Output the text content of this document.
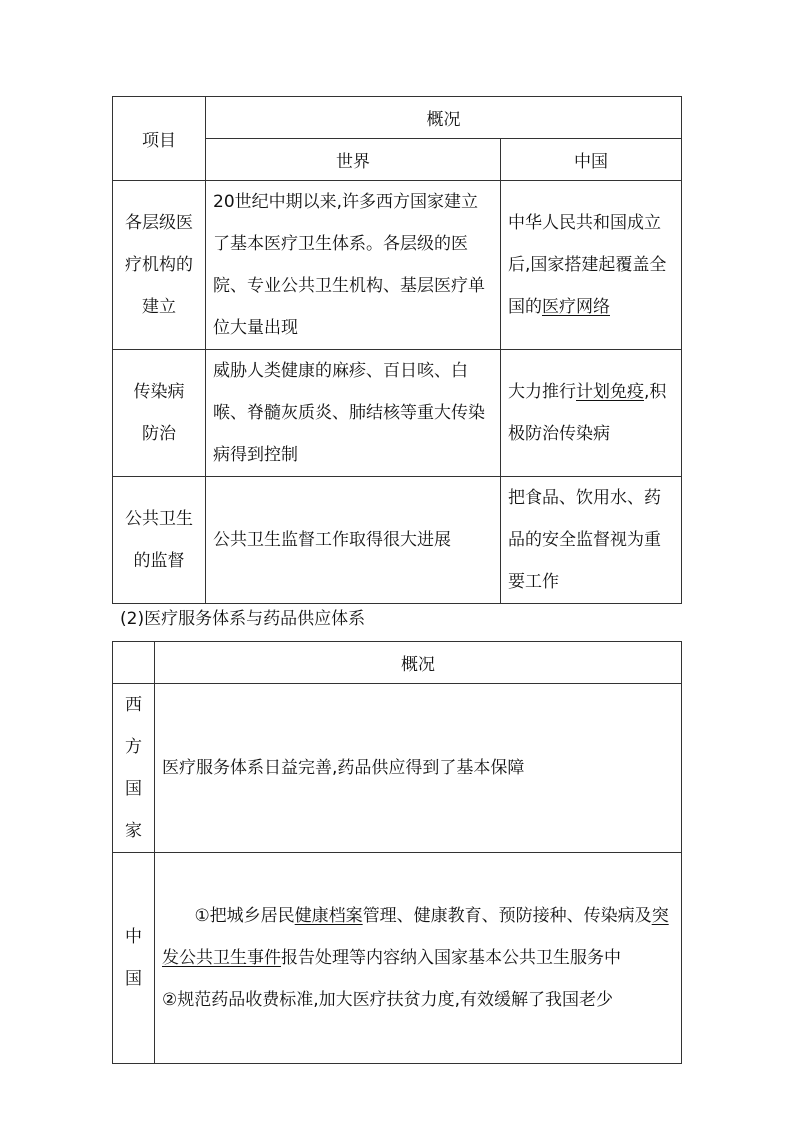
项目	概况	
	世界	中国

各层级医
疗机构的
建立	20世纪中期以来,许多西方国家建立了基本医疗卫生体系。各层级的医院、专业公共卫生机构、基层医疗单位大量出现	中华人民共和国成立后,国家搭建起覆盖全国的医疗网络

传染病
防治	威胁人类健康的麻疹、百日咳、白喉、脊髓灰质炎、肺结核等重大传染病得到控制	大力推行计划免疫,积极防治传染病

公共卫生
的监督	公共卫生监督工作取得很大进展	把食品、饮用水、药品的安全监督视为重要工作
(2)医疗服务体系与药品供应体系
	概况

西
方
国
家	医疗服务体系日益完善,药品供应得到了基本保障

中
国	①把城乡居民健康档案管理、健康教育、预防接种、传染病及突发公共卫生事件报告处理等内容纳入国家基本公共卫生服务中
②规范药品收费标准,加大医疗扶贫力度,有效缓解了我国老少
